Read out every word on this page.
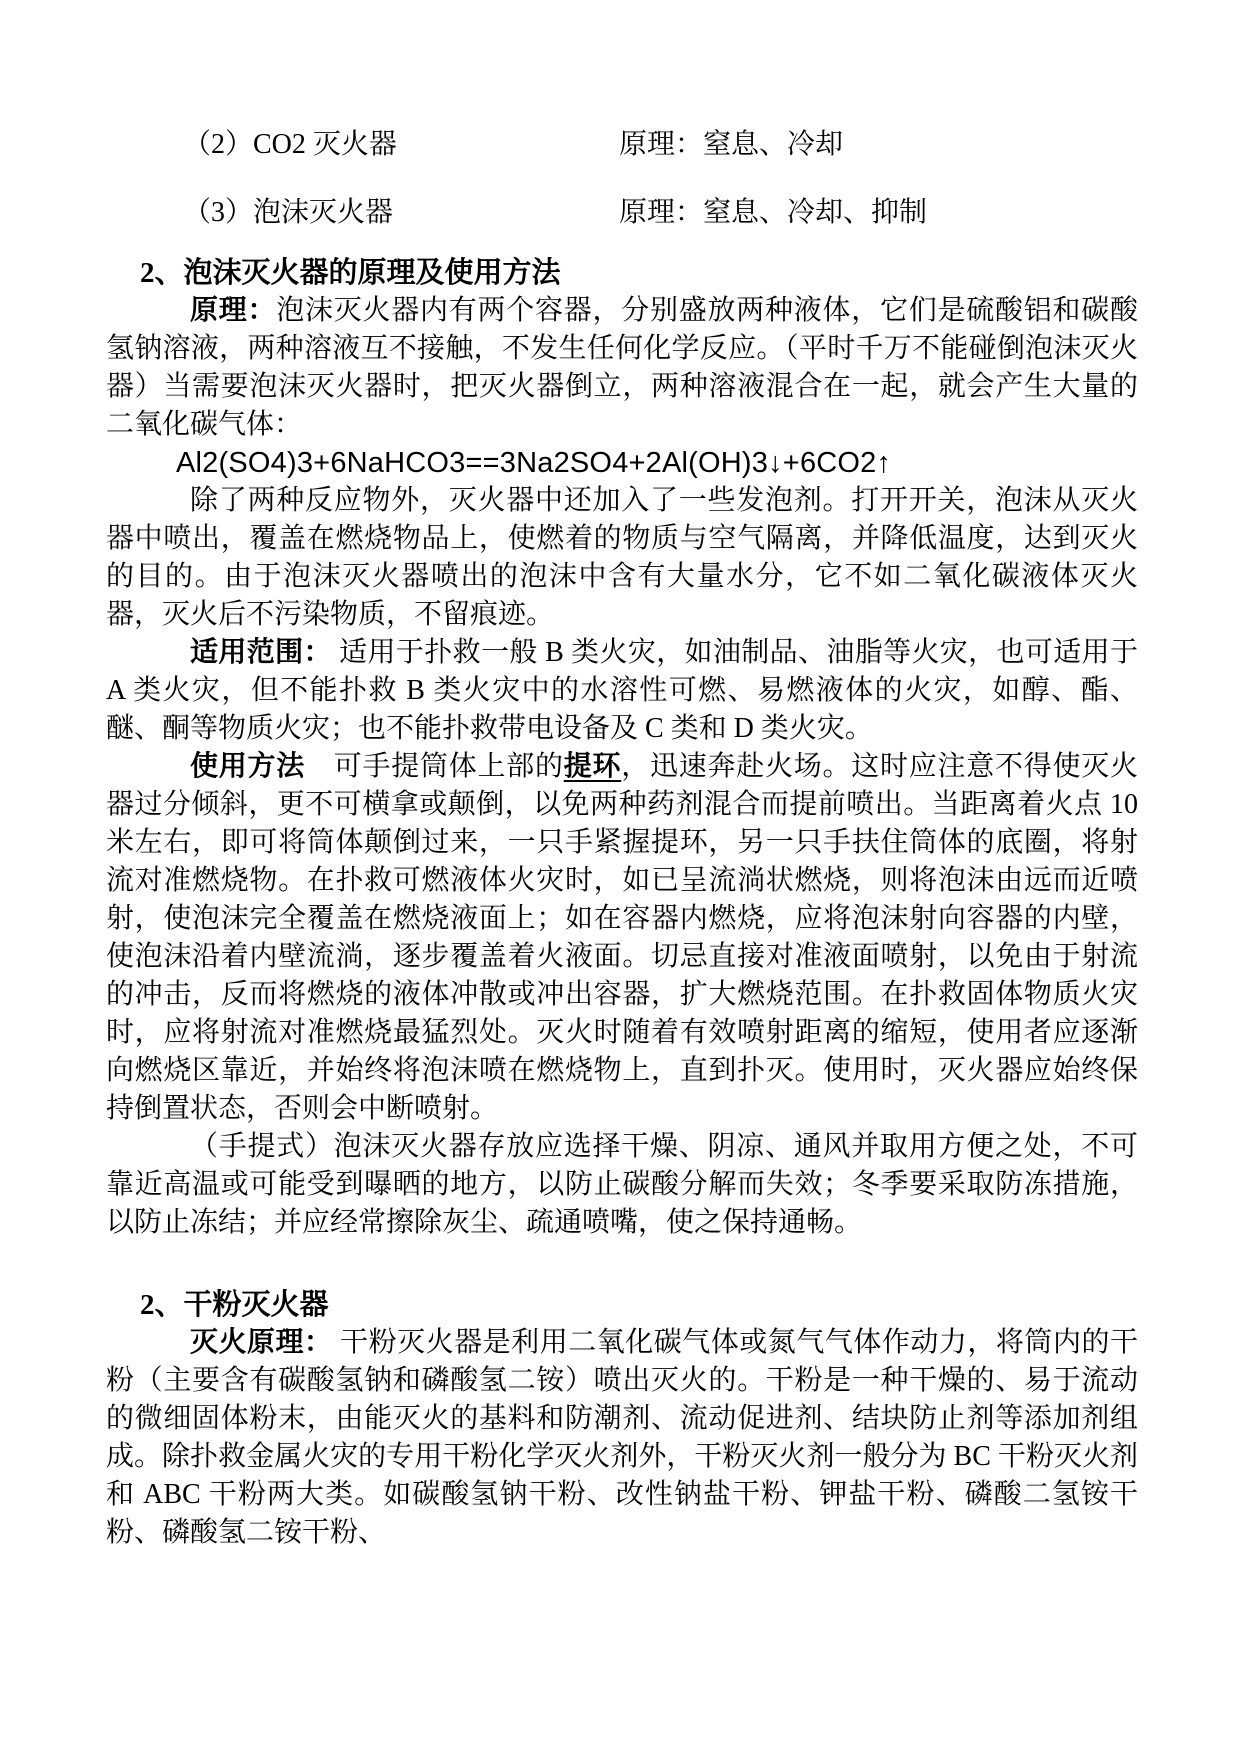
（2）CO2 灭火器	原理：窒息、冷却
（3）泡沫灭火器	原理：窒息、冷却、抑制
2、泡沫灭火器的原理及使用方法

原理：泡沫灭火器内有两个容器，分别盛放两种液体，它们是硫酸铝和碳酸氢钠溶液，两种溶液互不接触，不发生任何化学反应。（平时千万不能碰倒泡沫灭火器）当需要泡沫灭火器时，把灭火器倒立，两种溶液混合在一起，就会产生大量的二氧化碳气体：

Al2(SO4)3+6NaHCO3==3Na2SO4+2Al(OH)3↓+6CO2↑

除了两种反应物外，灭火器中还加入了一些发泡剂。打开开关，泡沫从灭火器中喷出，覆盖在燃烧物品上，使燃着的物质与空气隔离，并降低温度，达到灭火的目的。由于泡沫灭火器喷出的泡沫中含有大量水分，它不如二氧化碳液体灭火器，灭火后不污染物质，不留痕迹。

适用范围： 适用于扑救一般 B 类火灾，如油制品、油脂等火灾，也可适用于 A 类火灾，但不能扑救 B 类火灾中的水溶性可燃、易燃液体的火灾，如醇、酯、醚、酮等物质火灾；也不能扑救带电设备及 C 类和 D 类火灾。

使用方法　可手提筒体上部的提环，迅速奔赴火场。这时应注意不得使灭火器过分倾斜，更不可横拿或颠倒，以免两种药剂混合而提前喷出。当距离着火点 10 米左右，即可将筒体颠倒过来，一只手紧握提环，另一只手扶住筒体的底圈，将射流对准燃烧物。在扑救可燃液体火灾时，如已呈流淌状燃烧，则将泡沫由远而近喷射，使泡沫完全覆盖在燃烧液面上；如在容器内燃烧，应将泡沫射向容器的内壁，使泡沫沿着内壁流淌，逐步覆盖着火液面。切忌直接对准液面喷射，以免由于射流的冲击，反而将燃烧的液体冲散或冲出容器，扩大燃烧范围。在扑救固体物质火灾时，应将射流对准燃烧最猛烈处。灭火时随着有效喷射距离的缩短，使用者应逐渐向燃烧区靠近，并始终将泡沫喷在燃烧物上，直到扑灭。使用时，灭火器应始终保持倒置状态，否则会中断喷射。

（手提式）泡沫灭火器存放应选择干燥、阴凉、通风并取用方便之处，不可靠近高温或可能受到曝晒的地方，以防止碳酸分解而失效；冬季要采取防冻措施，以防止冻结；并应经常擦除灰尘、疏通喷嘴，使之保持通畅。

2、干粉灭火器

灭火原理： 干粉灭火器是利用二氧化碳气体或氮气气体作动力，将筒内的干粉（主要含有碳酸氢钠和磷酸氢二铵）喷出灭火的。干粉是一种干燥的、易于流动的微细固体粉末，由能灭火的基料和防潮剂、流动促进剂、结块防止剂等添加剂组成。除扑救金属火灾的专用干粉化学灭火剂外，干粉灭火剂一般分为 BC 干粉灭火剂和 ABC 干粉两大类。如碳酸氢钠干粉、改性钠盐干粉、钾盐干粉、磷酸二氢铵干粉、磷酸氢二铵干粉、
